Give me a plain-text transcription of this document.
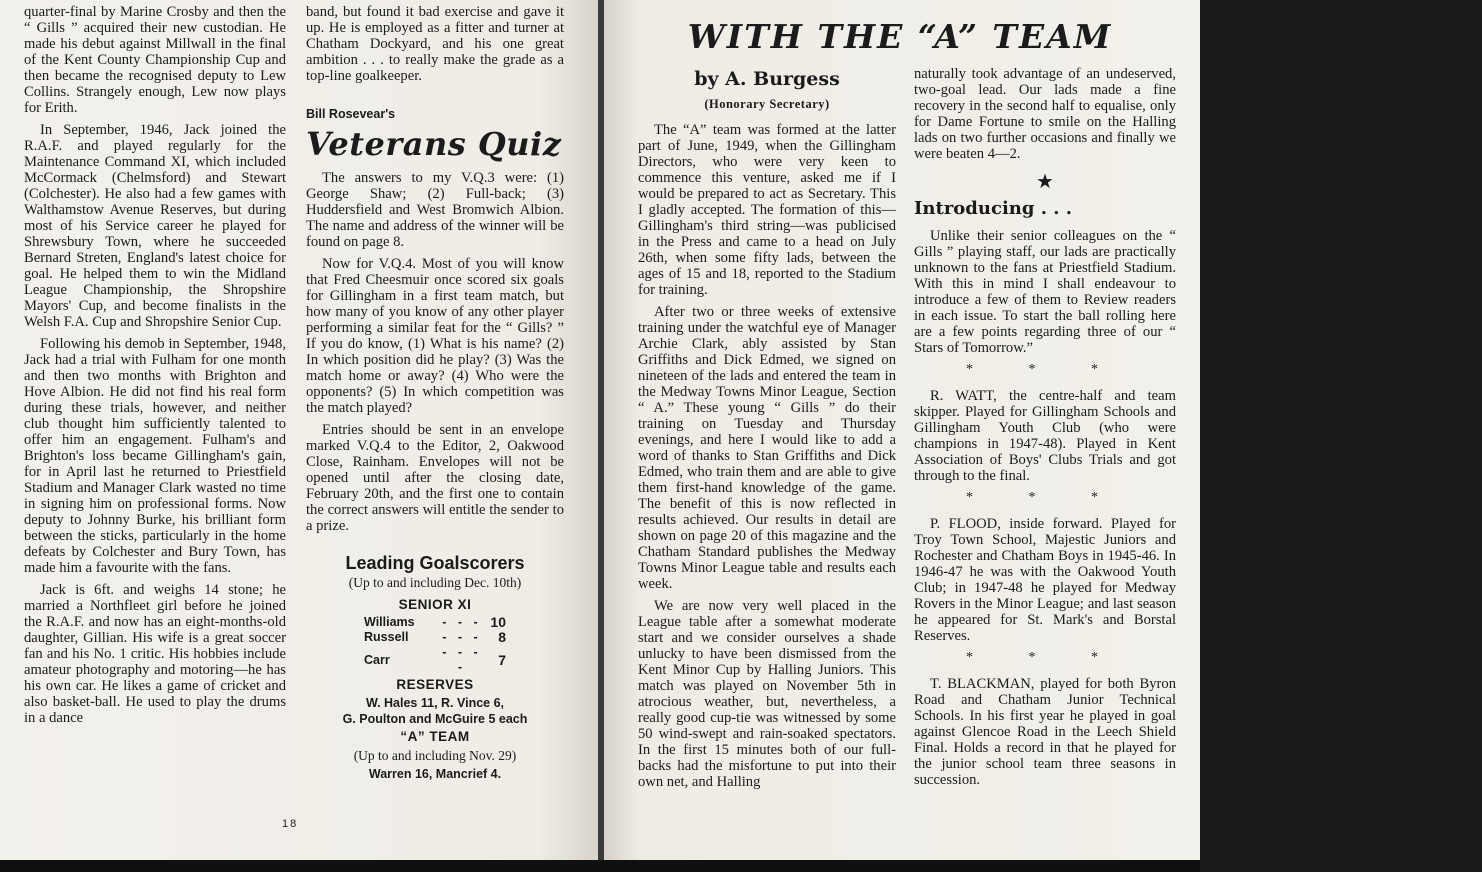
quarter-final by Marine Crosby and then the “ Gills ” acquired their new custodian. He made his debut against Millwall in the final of the Kent County Championship Cup and then became the recognised deputy to Lew Collins. Strangely enough, Lew now plays for Erith.

In September, 1946, Jack joined the R.A.F. and played regularly for the Maintenance Command XI, which included McCormack (Chelmsford) and Stewart (Colchester). He also had a few games with Walthamstow Avenue Reserves, but during most of his Service career he played for Shrewsbury Town, where he succeeded Bernard Streten, England's latest choice for goal. He helped them to win the Midland League Championship, the Shropshire Mayors' Cup, and become finalists in the Welsh F.A. Cup and Shropshire Senior Cup.

Following his demob in September, 1948, Jack had a trial with Fulham for one month and then two months with Brighton and Hove Albion. He did not find his real form during these trials, however, and neither club thought him sufficiently talented to offer him an engagement. Fulham's and Brighton's loss became Gillingham's gain, for in April last he returned to Priestfield Stadium and Manager Clark wasted no time in signing him on professional forms. Now deputy to Johnny Burke, his brilliant form between the sticks, particularly in the home defeats by Colchester and Bury Town, has made him a favourite with the fans.

Jack is 6ft. and weighs 14 stone; he married a Northfleet girl before he joined the R.A.F. and now has an eight-months-old daughter, Gillian. His wife is a great soccer fan and his No. 1 critic. His hobbies include amateur photography and motoring—he has his own car. He likes a game of cricket and also basket-ball. He used to play the drums in a dance

band, but found it bad exercise and gave it up. He is employed as a fitter and turner at Chatham Dockyard, and his one great ambition . . . to really make the grade as a top-line goalkeeper.

Bill Rosevear's
Veterans Quiz

The answers to my V.Q.3 were: (1) George Shaw; (2) Full-back; (3) Huddersfield and West Bromwich Albion. The name and address of the winner will be found on page 8.

Now for V.Q.4. Most of you will know that Fred Cheesmuir once scored six goals for Gillingham in a first team match, but how many of you know of any other player performing a similar feat for the “ Gills? ” If you do know, (1) What is his name? (2) In which position did he play? (3) Was the match home or away? (4) Who were the opponents? (5) In which competition was the match played?

Entries should be sent in an envelope marked V.Q.4 to the Editor, 2, Oakwood Close, Rainham. Envelopes will not be opened until after the closing date, February 20th, and the first one to contain the correct answers will entitle the sender to a prize.

Leading Goalscorers
(Up to and including Dec. 10th)
SENIOR XI
Williams	- - -	10
Russell	- - -	8
Carr	- - - -	7
RESERVES
W. Hales 11, R. Vince 6,
G. Poulton and McGuire 5 each
“A” TEAM
(Up to and including Nov. 29)
Warren 16, Mancrief 4.
18
WITH THE “A” TEAM
by A. Burgess
(Honorary Secretary)

The “A” team was formed at the latter part of June, 1949, when the Gillingham Directors, who were very keen to commence this venture, asked me if I would be prepared to act as Secretary. This I gladly accepted. The formation of this—Gillingham's third string—was publicised in the Press and came to a head on July 26th, when some fifty lads, between the ages of 15 and 18, reported to the Stadium for training.

After two or three weeks of extensive training under the watchful eye of Manager Archie Clark, ably assisted by Stan Griffiths and Dick Edmed, we signed on nineteen of the lads and entered the team in the Medway Towns Minor League, Section “ A.” These young “ Gills ” do their training on Tuesday and Thursday evenings, and here I would like to add a word of thanks to Stan Griffiths and Dick Edmed, who train them and are able to give them first-hand knowledge of the game. The benefit of this is now reflected in results achieved. Our results in detail are shown on page 20 of this magazine and the Chatham Standard publishes the Medway Towns Minor League table and results each week.

We are now very well placed in the League table after a somewhat moderate start and we consider ourselves a shade unlucky to have been dismissed from the Kent Minor Cup by Halling Juniors. This match was played on November 5th in atrocious weather, but, nevertheless, a really good cup-tie was witnessed by some 50 wind-swept and rain-soaked spectators. In the first 15 minutes both of our full-backs had the misfortune to put into their own net, and Halling

naturally took advantage of an undeserved, two-goal lead. Our lads made a fine recovery in the second half to equalise, only for Dame Fortune to smile on the Halling lads on two further occasions and finally we were beaten 4—2.

★
Introducing . . .

Unlike their senior colleagues on the “ Gills ” playing staff, our lads are practically unknown to the fans at Priestfield Stadium. With this in mind I shall endeavour to introduce a few of them to Review readers in each issue. To start the ball rolling here are a few points regarding three of our “ Stars of Tomorrow.”

* * *

R. WATT, the centre-half and team skipper. Played for Gillingham Schools and Gillingham Youth Club (who were champions in 1947-48). Played in Kent Association of Boys' Clubs Trials and got through to the final.

* * *

P. FLOOD, inside forward. Played for Troy Town School, Majestic Juniors and Rochester and Chatham Boys in 1945-46. In 1946-47 he was with the Oakwood Youth Club; in 1947-48 he played for Medway Rovers in the Minor League; and last season he appeared for St. Mark's and Borstal Reserves.

* * *

T. BLACKMAN, played for both Byron Road and Chatham Junior Technical Schools. In his first year he played in goal against Glencoe Road in the Leech Shield Final. Holds a record in that he played for the junior school team three seasons in succession.

19
